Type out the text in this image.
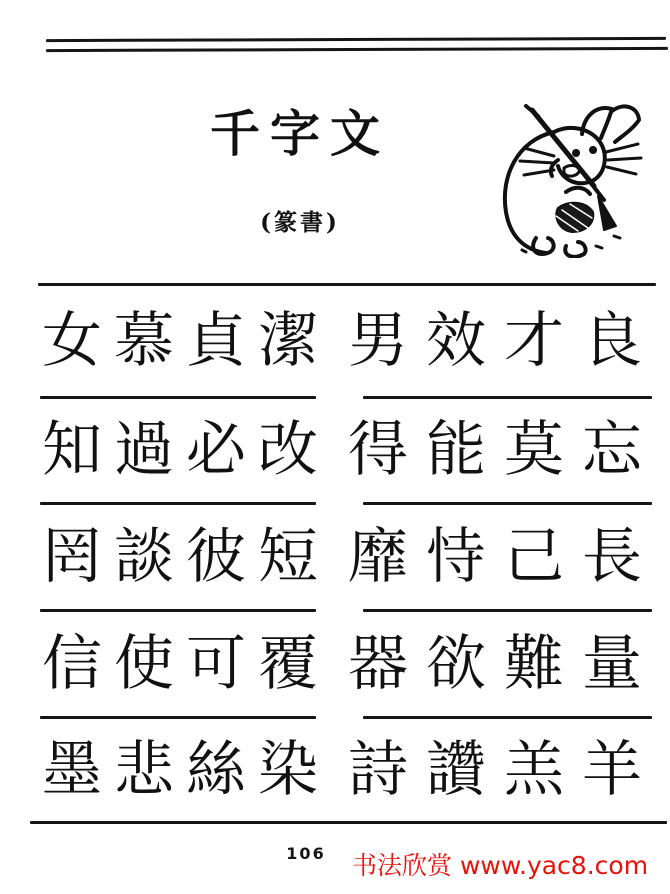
千字文
(篆書)
女 慕 貞 潔 男 效 才 良
知 過 必 改 得 能 莫 忘
罔 談 彼 短 靡 恃 己 長
信 使 可 覆 器 欲 難 量
墨 悲 絲 染 詩 讚 羔 羊
106 书法欣赏 www.yac8.com
